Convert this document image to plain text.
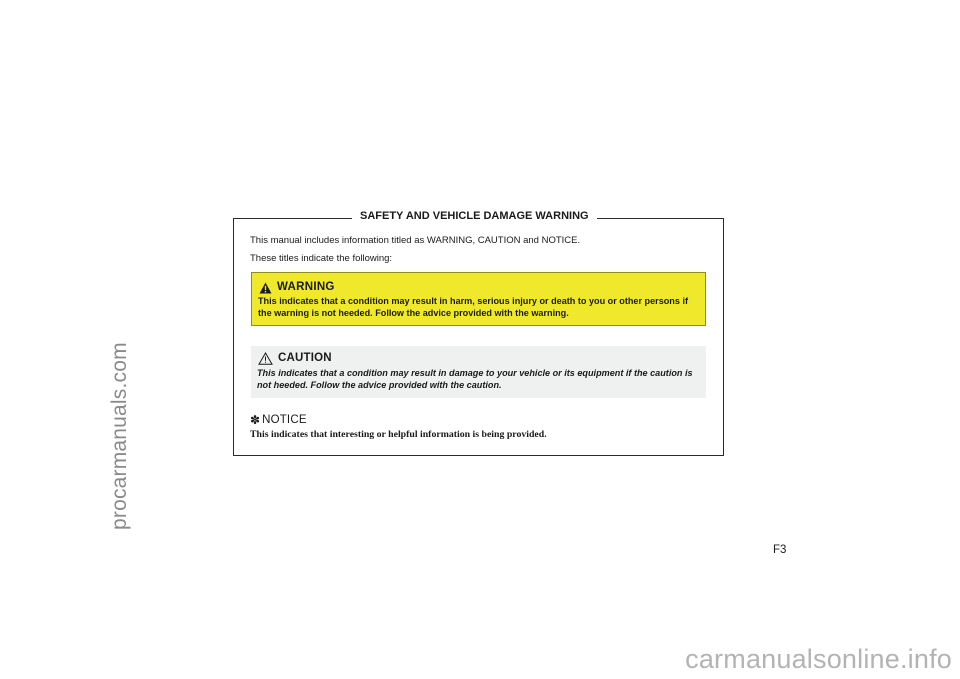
procarmanuals.com
SAFETY AND VEHICLE DAMAGE WARNING
This manual includes information titled as WARNING, CAUTION and NOTICE.
These titles indicate the following:
WARNING
This indicates that a condition may result in harm, serious injury or death to you or other persons if the warning is not heeded. Follow the advice provided with the warning.
CAUTION
This indicates that a condition may result in damage to your vehicle or its equipment if the caution is not heeded. Follow the advice provided with the caution.
✽ NOTICE
This indicates that interesting or helpful information is being provided.
F3
carmanualsonline.info
